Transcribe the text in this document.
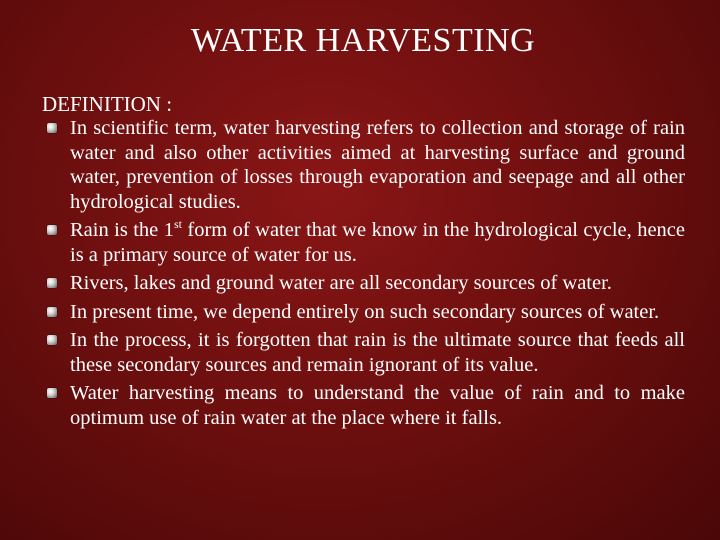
WATER HARVESTING
DEFINITION :
In scientific term, water harvesting refers to collection and storage of rain water and also other activities aimed at harvesting surface and ground water, prevention of losses through evaporation and seepage and all other hydrological studies.
Rain is the 1st form of water that we know in the hydrological cycle, hence is a primary source of water for us.
Rivers, lakes and ground water are all secondary sources of water.
In present time, we depend entirely on such secondary sources of water.
In the process, it is forgotten that rain is the ultimate source that feeds all these secondary sources and remain ignorant of its value.
Water harvesting means to understand the value of rain and to make optimum use of rain water at the place where it falls.
